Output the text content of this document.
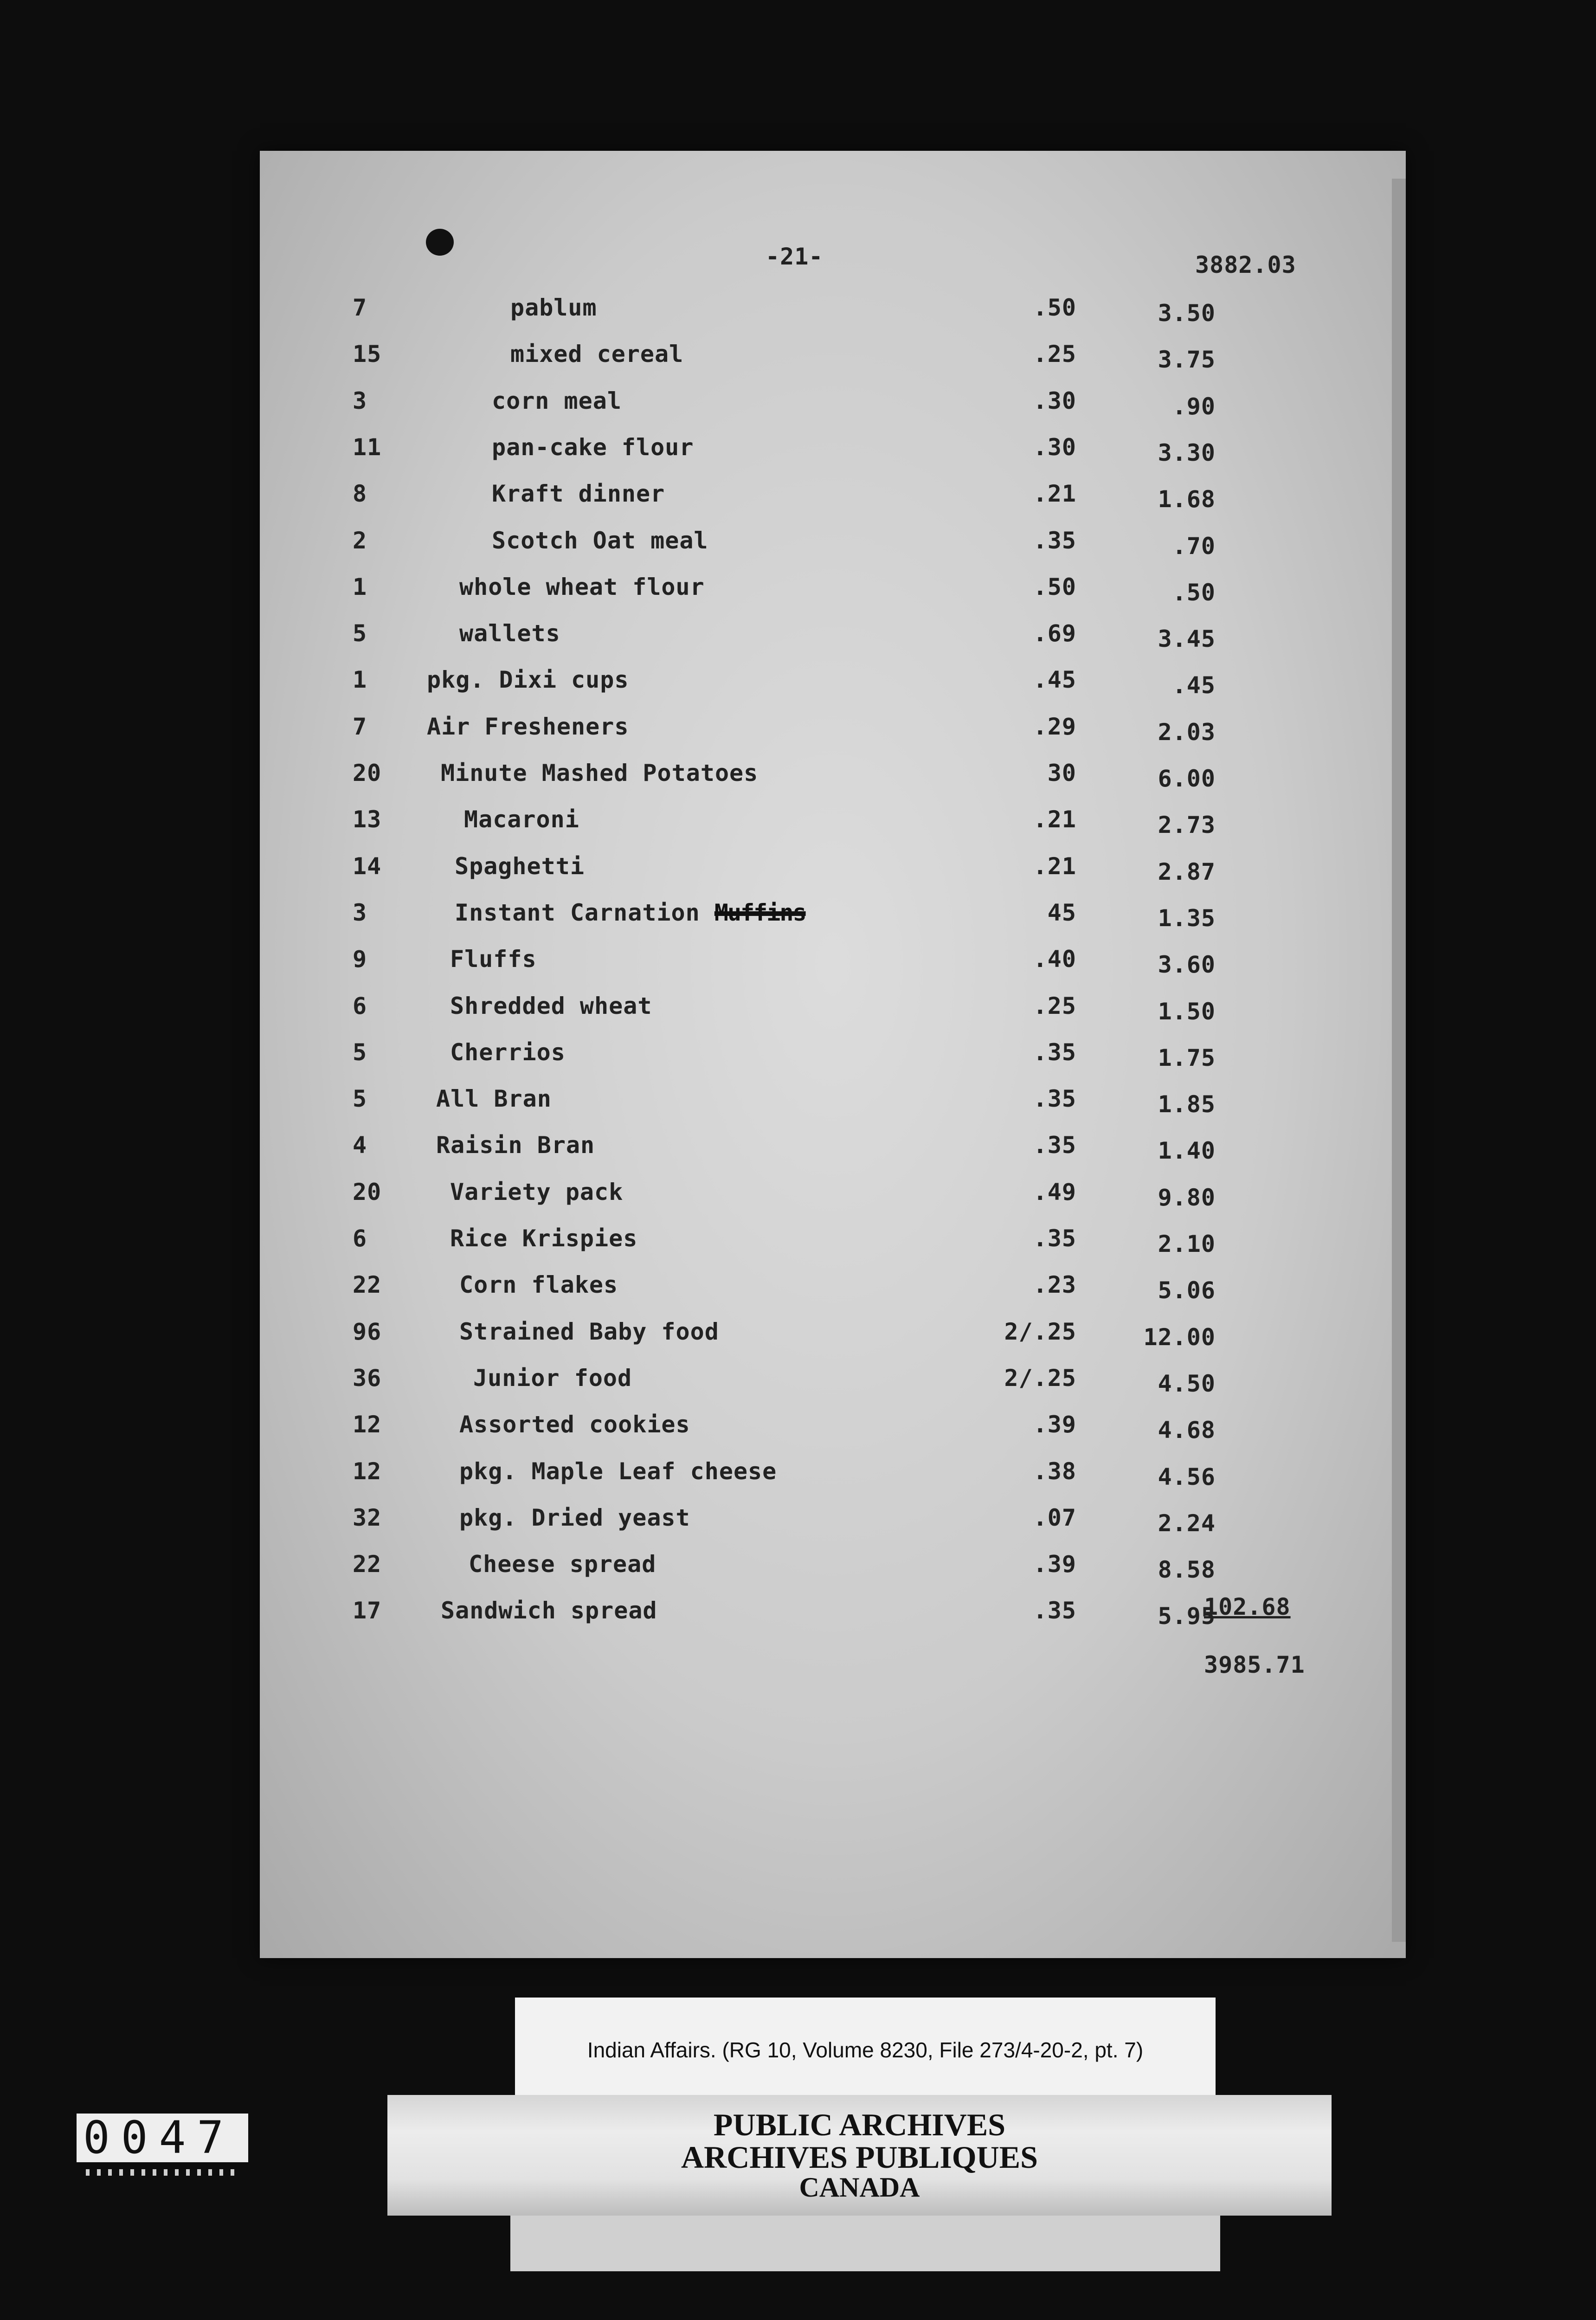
-21-	3882.03
7	pablum	.50	3.50
15	mixed cereal	.25	3.75
3	corn meal	.30	.90
11	pan-cake flour	.30	3.30
8	Kraft dinner	.21	1.68
2	Scotch Oat meal	.35	.70
1	whole wheat flour	.50	.50
5	wallets	.69	3.45
1	pkg. Dixi cups	.45	.45
7	Air Fresheners	.29	2.03
20	Minute Mashed Potatoes	30	6.00
13	Macaroni	.21	2.73
14	Spaghetti	.21	2.87
3	Instant Carnation Muffins	45	1.35
9	Fluffs	.40	3.60
6	Shredded wheat	.25	1.50
5	Cherrios	.35	1.75
5	All Bran	.35	1.85
4	Raisin Bran	.35	1.40
20	Variety pack	.49	9.80
6	Rice Krispies	.35	2.10
22	Corn flakes	.23	5.06
96	Strained Baby food	2/.25	12.00
36	Junior food	2/.25	4.50
12	Assorted cookies	.39	4.68
12	pkg. Maple Leaf cheese	.38	4.56
32	pkg. Dried yeast	.07	2.24
22	Cheese spread	.39	8.58
17	Sandwich spread	.35	5.95
102.68
3985.71
Indian Affairs. (RG 10, Volume 8230, File 273/4-20-2, pt. 7)
PUBLIC ARCHIVES
ARCHIVES PUBLIQUES
CANADA
0047
